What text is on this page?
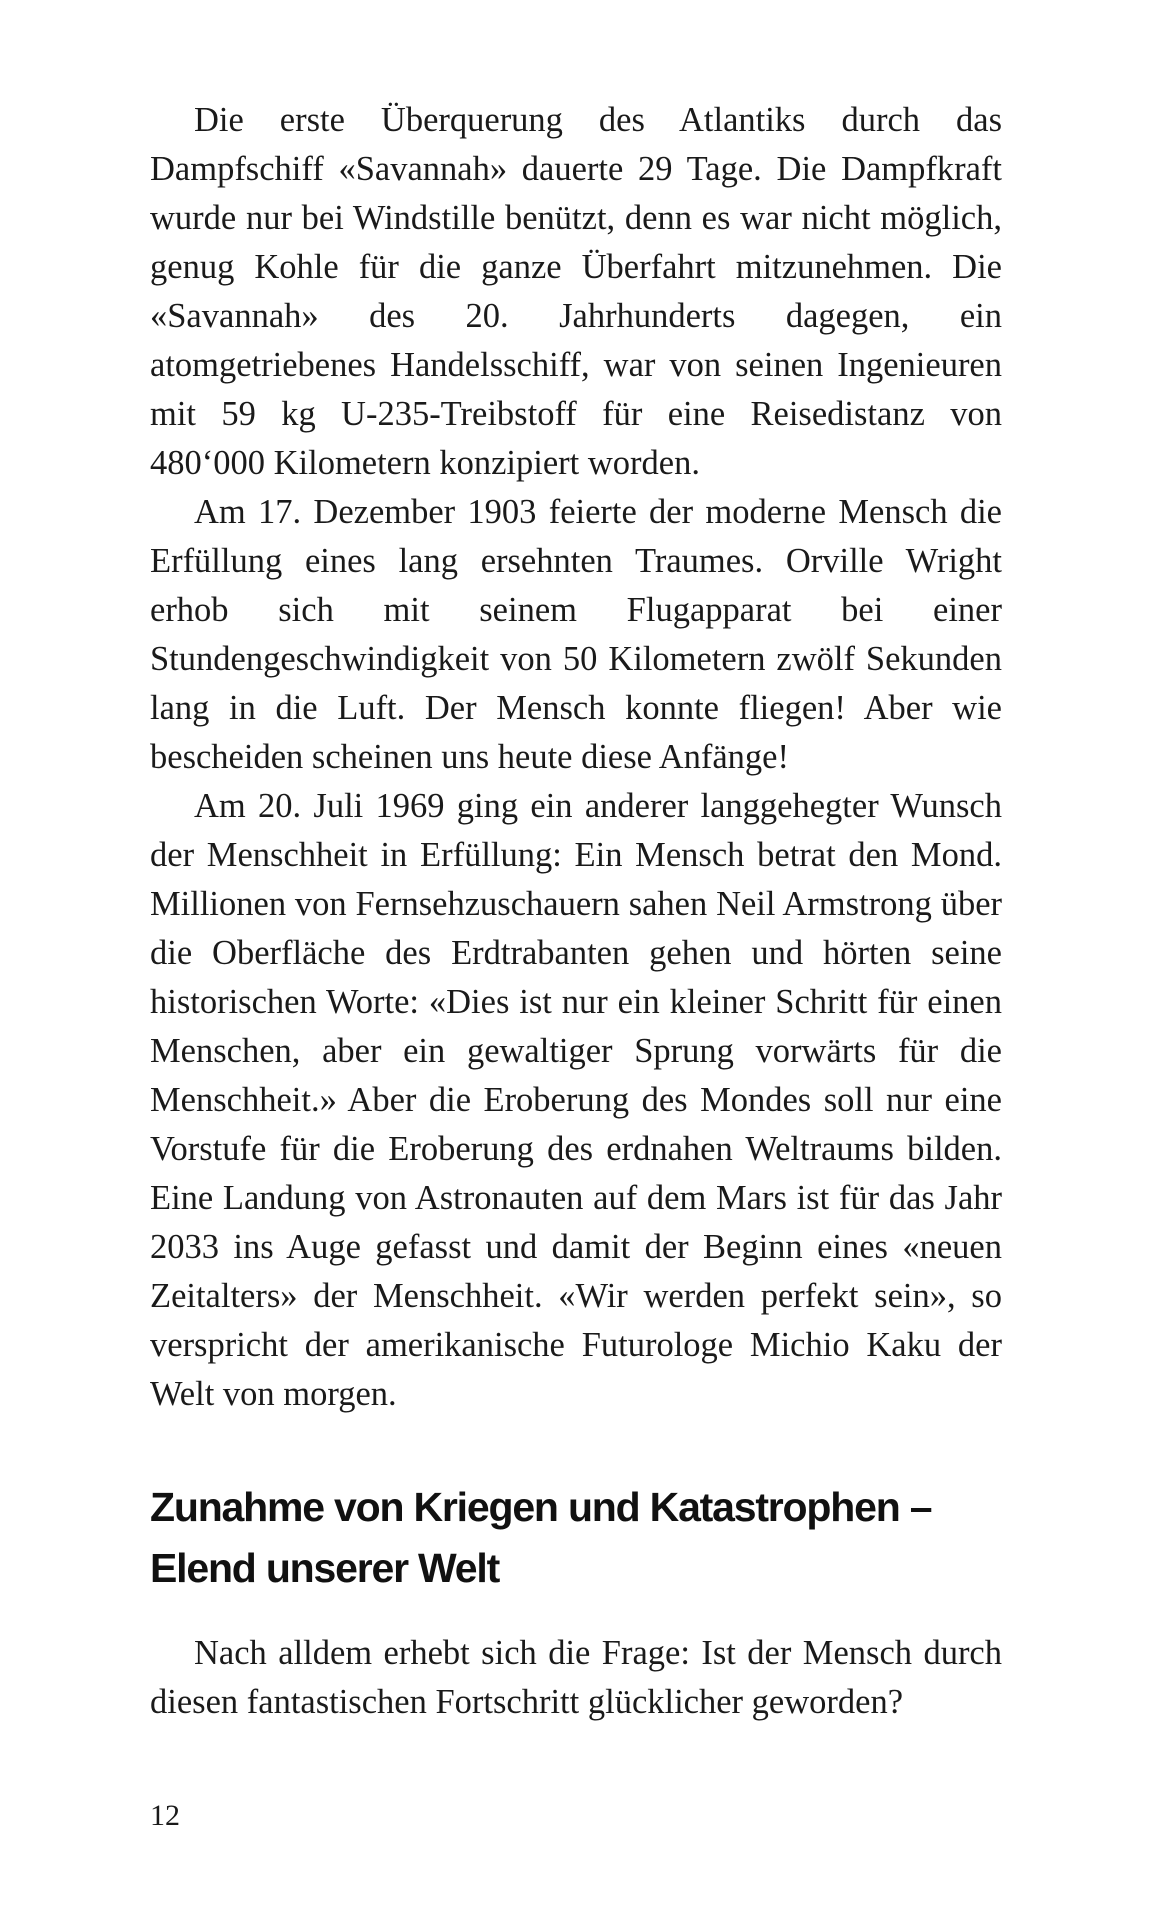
Die erste Überquerung des Atlantiks durch das Dampfschiff «Savannah» dauerte 29 Tage. Die Dampfkraft wurde nur bei Windstille benützt, denn es war nicht möglich, genug Kohle für die ganze Überfahrt mitzunehmen. Die «Savannah» des 20. Jahrhunderts dagegen, ein atomgetriebenes Handelsschiff, war von seinen Ingenieuren mit 59 kg U-235-Treibstoff für eine Reisedistanz von 480‘000 Kilometern konzipiert worden.

Am 17. Dezember 1903 feierte der moderne Mensch die Erfüllung eines lang ersehnten Traumes. Orville Wright erhob sich mit seinem Flugapparat bei einer Stundengeschwindigkeit von 50 Kilometern zwölf Sekunden lang in die Luft. Der Mensch konnte fliegen! Aber wie bescheiden scheinen uns heute diese Anfänge!

Am 20. Juli 1969 ging ein anderer langgehegter Wunsch der Menschheit in Erfüllung: Ein Mensch betrat den Mond. Millionen von Fernsehzuschauern sahen Neil Armstrong über die Oberfläche des Erdtrabanten gehen und hörten seine historischen Worte: «Dies ist nur ein kleiner Schritt für einen Menschen, aber ein gewaltiger Sprung vorwärts für die Menschheit.» Aber die Eroberung des Mondes soll nur eine Vorstufe für die Eroberung des erdnahen Weltraums bilden. Eine Landung von Astronauten auf dem Mars ist für das Jahr 2033 ins Auge gefasst und damit der Beginn eines «neuen Zeitalters» der Menschheit. «Wir werden perfekt sein», so verspricht der amerikanische Futurologe Michio Kaku der Welt von morgen.

Zunahme von Kriegen und Katastrophen – Elend unserer Welt

Nach alldem erhebt sich die Frage: Ist der Mensch durch diesen fantastischen Fortschritt glücklicher geworden?

12
